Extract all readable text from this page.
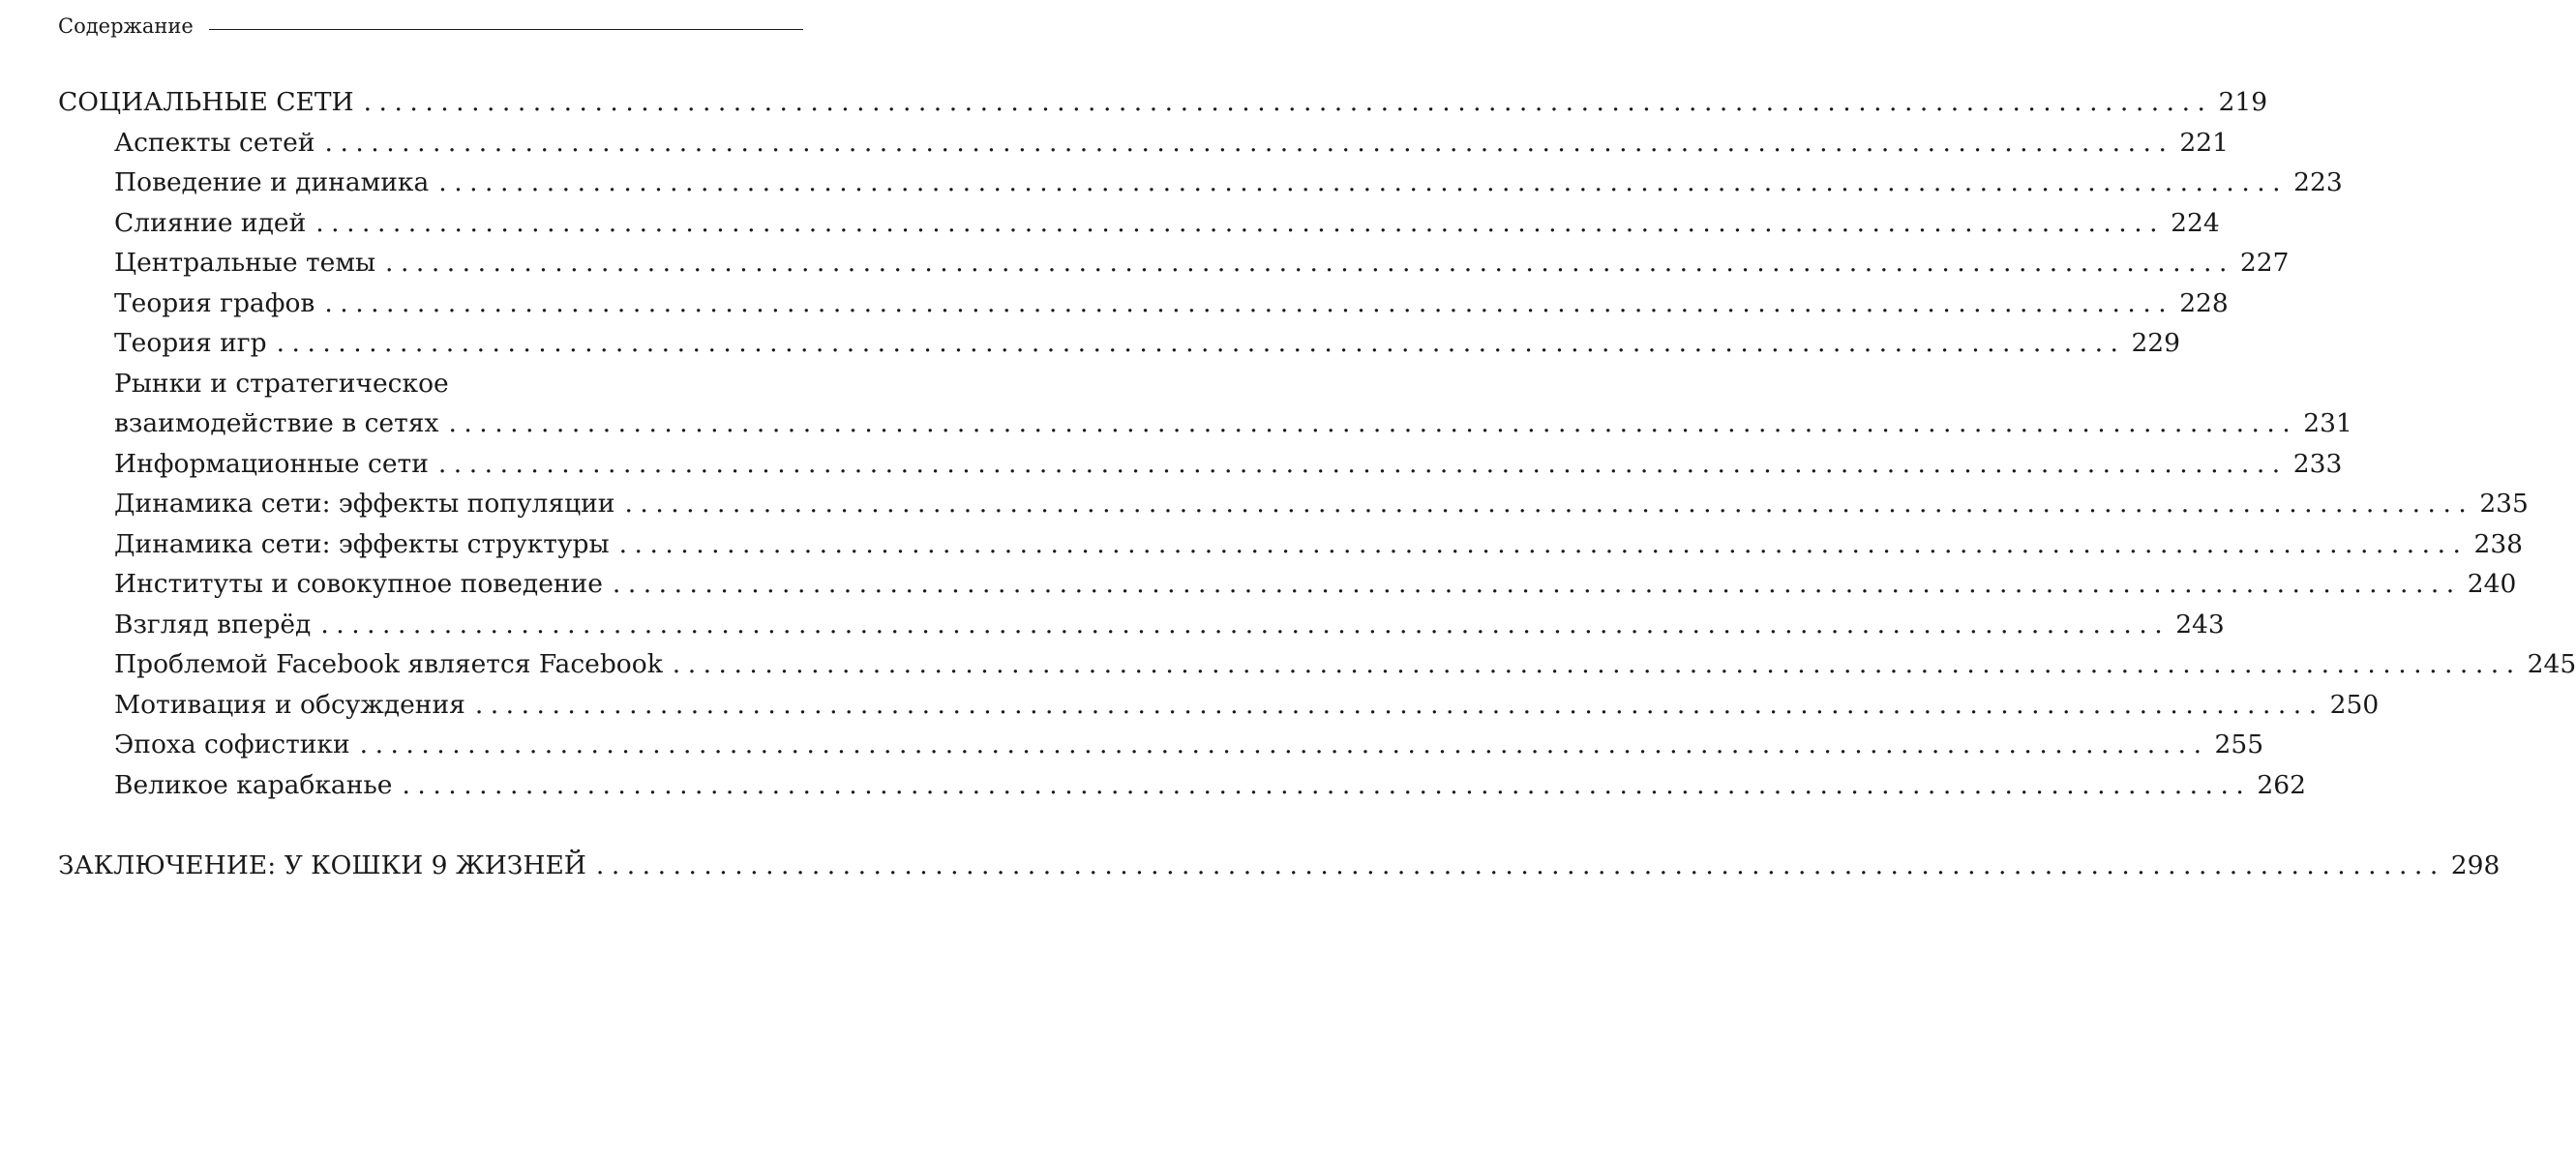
Содержание
СОЦИАЛЬНЫЕ СЕТИ ........................................................................................................................ 219
Аспекты сетей ........................................................................................................................ 221
Поведение и динамика ........................................................................................................................ 223
Слияние идей ........................................................................................................................ 224
Центральные темы ........................................................................................................................ 227
Теория графов ........................................................................................................................ 228
Теория игр ........................................................................................................................ 229
Рынки и стратегическое
взаимодействие в сетях ........................................................................................................................ 231
Информационные сети ........................................................................................................................ 233
Динамика сети: эффекты популяции ........................................................................................................................ 235
Динамика сети: эффекты структуры ........................................................................................................................ 238
Институты и совокупное поведение ........................................................................................................................ 240
Взгляд вперёд ........................................................................................................................ 243
Проблемой Facebook является Facebook ........................................................................................................................ 245
Мотивация и обсуждения ........................................................................................................................ 250
Эпоха софистики ........................................................................................................................ 255
Великое карабканье ........................................................................................................................ 262
ЗАКЛЮЧЕНИЕ: У КОШКИ 9 ЖИЗНЕЙ ........................................................................................................................ 298
